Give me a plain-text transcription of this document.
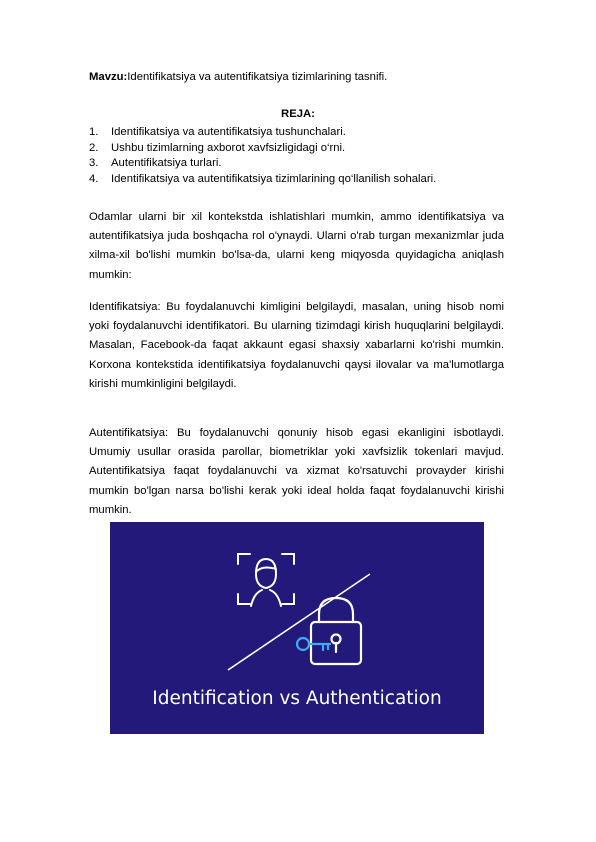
Mavzu:Identifikatsiya va autentifikatsiya tizimlarining tasnifi.
REJA:
1. Identifikatsiya va autentifikatsiya tushunchalari.
2. Ushbu tizimlarning axborot xavfsizligidagi o‘rni.
3. Autentifikatsiya turlari.
4. Identifikatsiya va autentifikatsiya tizimlarining qo‘llanilish sohalari.

Odamlar ularni bir xil kontekstda ishlatishlari mumkin, ammo identifikatsiya va autentifikatsiya juda boshqacha rol o'ynaydi. Ularni o'rab turgan mexanizmlar juda xilma-xil bo'lishi mumkin bo'lsa-da, ularni keng miqyosda quyidagicha aniqlash mumkin:

Identifikatsiya: Bu foydalanuvchi kimligini belgilaydi, masalan, uning hisob nomi yoki foydalanuvchi identifikatori. Bu ularning tizimdagi kirish huquqlarini belgilaydi. Masalan, Facebook-da faqat akkaunt egasi shaxsiy xabarlarni ko'rishi mumkin. Korxona kontekstida identifikatsiya foydalanuvchi qaysi ilovalar va ma'lumotlarga kirishi mumkinligini belgilaydi.

Autentifikatsiya: Bu foydalanuvchi qonuniy hisob egasi ekanligini isbotlaydi. Umumiy usullar orasida parollar, biometriklar yoki xavfsizlik tokenlari mavjud. Autentifikatsiya faqat foydalanuvchi va xizmat ko'rsatuvchi provayder kirishi mumkin bo'lgan narsa bo'lishi kerak yoki ideal holda faqat foydalanuvchi kirishi mumkin.

Identification vs Authentication
